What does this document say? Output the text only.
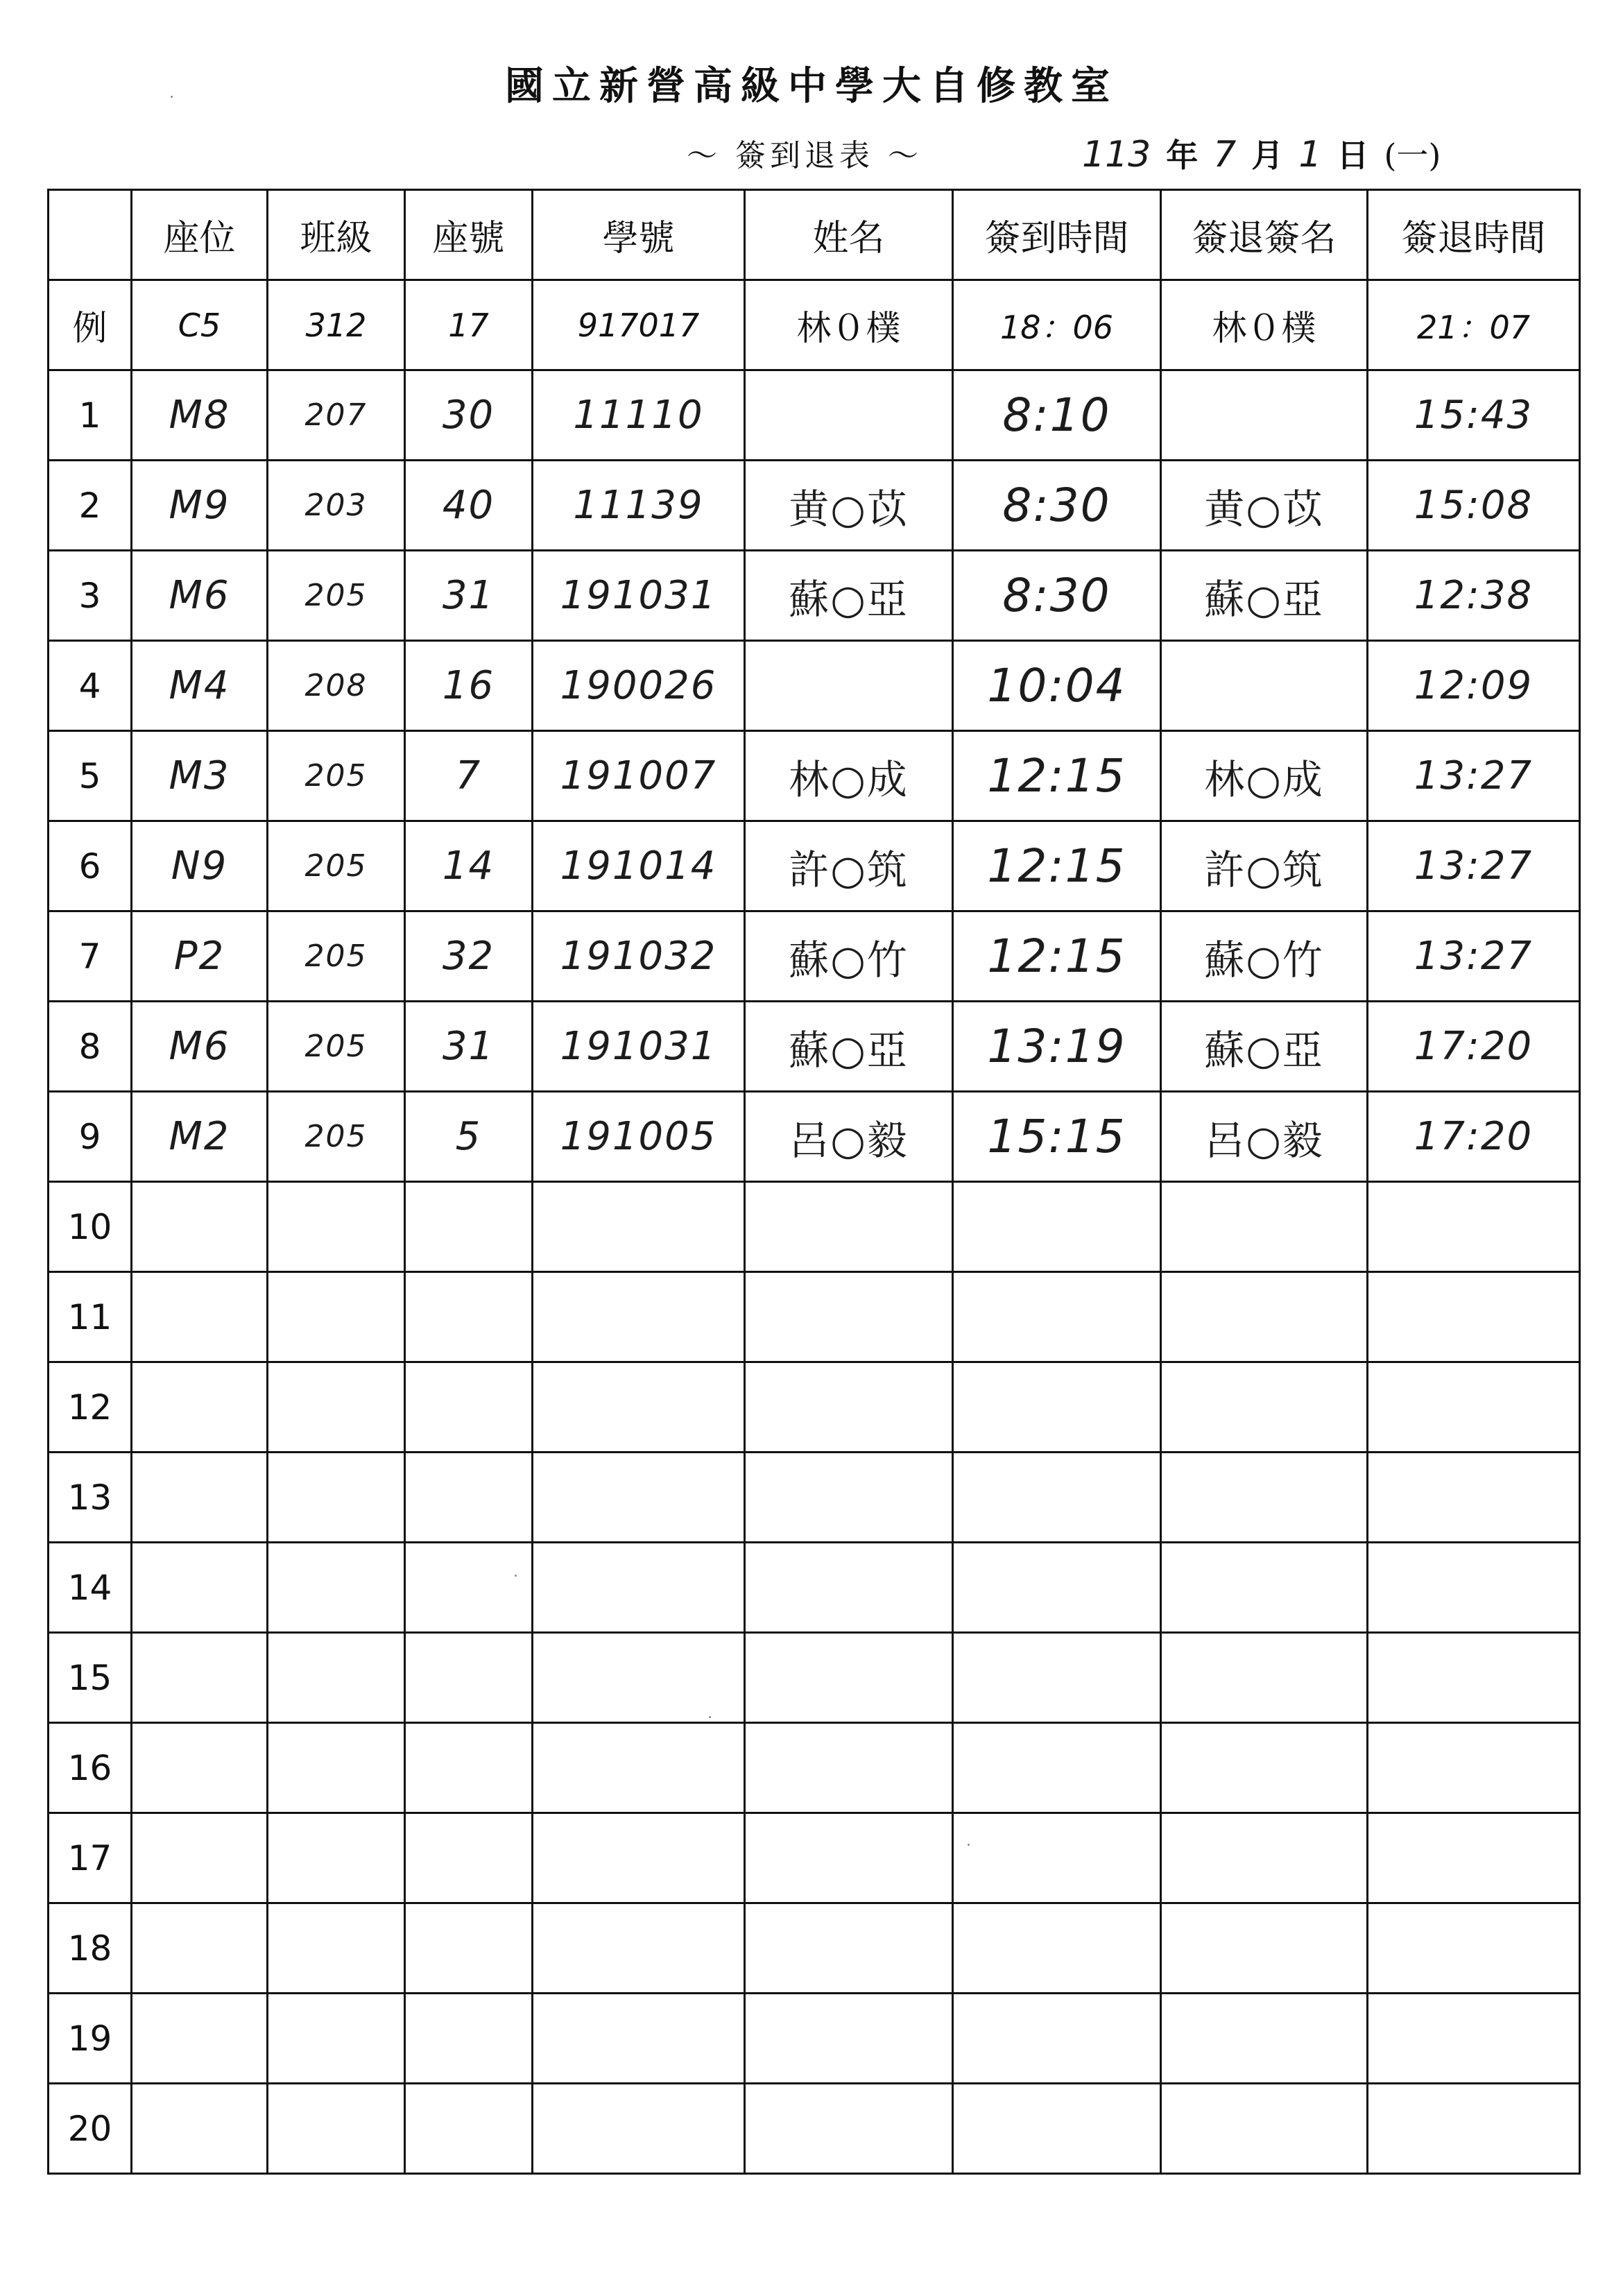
國立新營高級中學大自修教室
〜 簽到退表 〜	113 年 7 月 1 日 (一)
	座位	班級	座號	學號	姓名	簽到時間	簽退簽名	簽退時間
例	C5	312	17	917017	林０樸	18：06	林０樸	21：07
1	M8	207	30	11110		8:10		15:43
2	M9	203	40	11139	黄○苡	8:30	黄○苡	15:08
3	M6	205	31	191031	蘇○亞	8:30	蘇○亞	12:38
4	M4	208	16	190026		10:04		12:09
5	M3	205	7	191007	林○成	12:15	林○成	13:27
6	N9	205	14	191014	許○筑	12:15	許○筑	13:27
7	P2	205	32	191032	蘇○竹	12:15	蘇○竹	13:27
8	M6	205	31	191031	蘇○亞	13:19	蘇○亞	17:20
9	M2	205	5	191005	呂○毅	15:15	呂○毅	17:20
10								
11								
12								
13								
14								
15								
16								
17								
18								
19								
20								
